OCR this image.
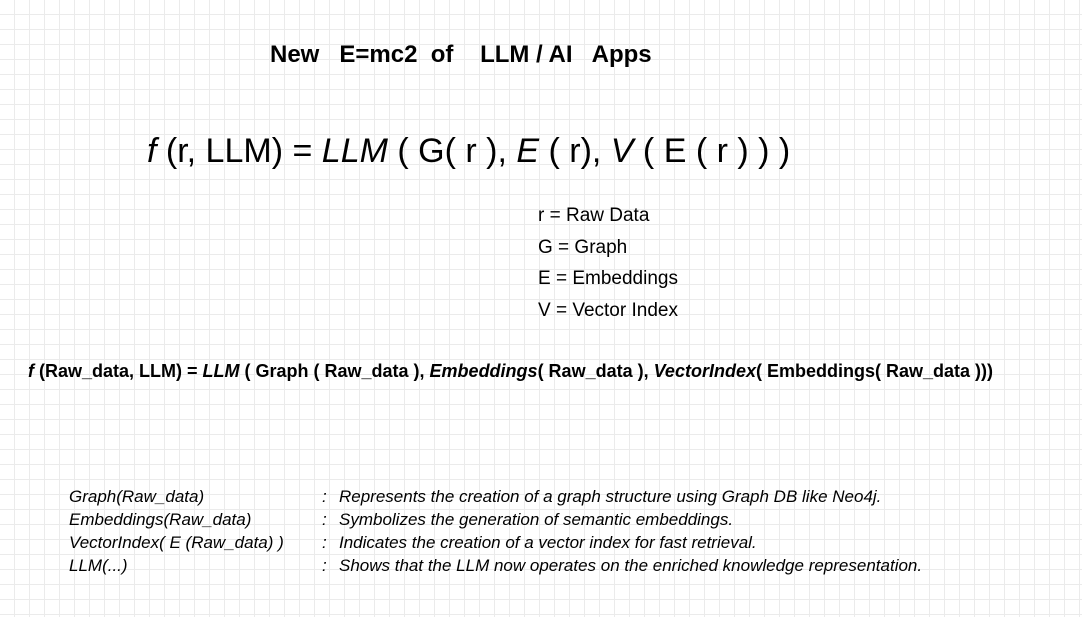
New   E=mc2  of    LLM / AI   Apps
f (r, LLM) = LLM ( G( r ), E ( r), V ( E ( r ) ) )
r = Raw Data
G = Graph
E = Embeddings
V = Vector Index
f (Raw_data, LLM) = LLM ( Graph ( Raw_data ), Embeddings( Raw_data ), VectorIndex( Embeddings( Raw_data )))
Graph(Raw_data)	: Represents the creation of a graph structure using Graph DB like Neo4j.
Embeddings(Raw_data)	: Symbolizes the generation of semantic embeddings.
VectorIndex( E (Raw_data) ) : Indicates the creation of a vector index for fast retrieval.
LLM(...)	: Shows that the LLM now operates on the enriched knowledge representation.
